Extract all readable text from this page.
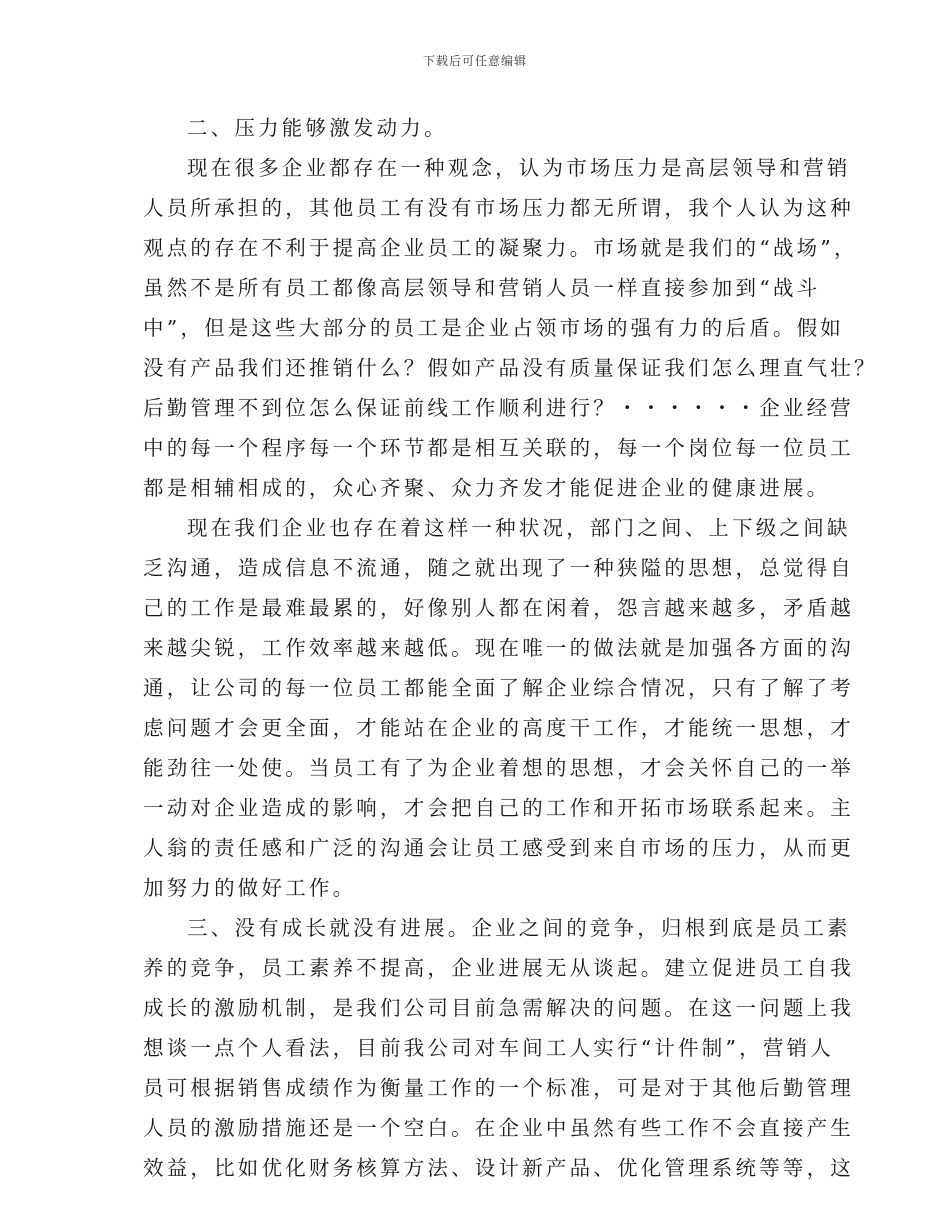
下载后可任意编辑
二、压力能够激发动力。
现在很多企业都存在一种观念，认为市场压力是高层领导和营销
人员所承担的，其他员工有没有市场压力都无所谓，我个人认为这种
观点的存在不利于提高企业员工的凝聚力。市场就是我们的“战场”，
虽然不是所有员工都像高层领导和营销人员一样直接参加到“战斗
中”，但是这些大部分的员工是企业占领市场的强有力的后盾。假如
没有产品我们还推销什么？假如产品没有质量保证我们怎么理直气壮？
后勤管理不到位怎么保证前线工作顺利进行？・・・・・・企业经营
中的每一个程序每一个环节都是相互关联的，每一个岗位每一位员工
都是相辅相成的，众心齐聚、众力齐发才能促进企业的健康进展。
现在我们企业也存在着这样一种状况，部门之间、上下级之间缺
乏沟通，造成信息不流通，随之就出现了一种狭隘的思想，总觉得自
己的工作是最难最累的，好像别人都在闲着，怨言越来越多，矛盾越
来越尖锐，工作效率越来越低。现在唯一的做法就是加强各方面的沟
通，让公司的每一位员工都能全面了解企业综合情况，只有了解了考
虑问题才会更全面，才能站在企业的高度干工作，才能统一思想，才
能劲往一处使。当员工有了为企业着想的思想，才会关怀自己的一举
一动对企业造成的影响，才会把自己的工作和开拓市场联系起来。主
人翁的责任感和广泛的沟通会让员工感受到来自市场的压力，从而更
加努力的做好工作。
三、没有成长就没有进展。企业之间的竞争，归根到底是员工素
养的竞争，员工素养不提高，企业进展无从谈起。建立促进员工自我
成长的激励机制，是我们公司目前急需解决的问题。在这一问题上我
想谈一点个人看法，目前我公司对车间工人实行“计件制”，营销人
员可根据销售成绩作为衡量工作的一个标准，可是对于其他后勤管理
人员的激励措施还是一个空白。在企业中虽然有些工作不会直接产生
效益，比如优化财务核算方法、设计新产品、优化管理系统等等，这
